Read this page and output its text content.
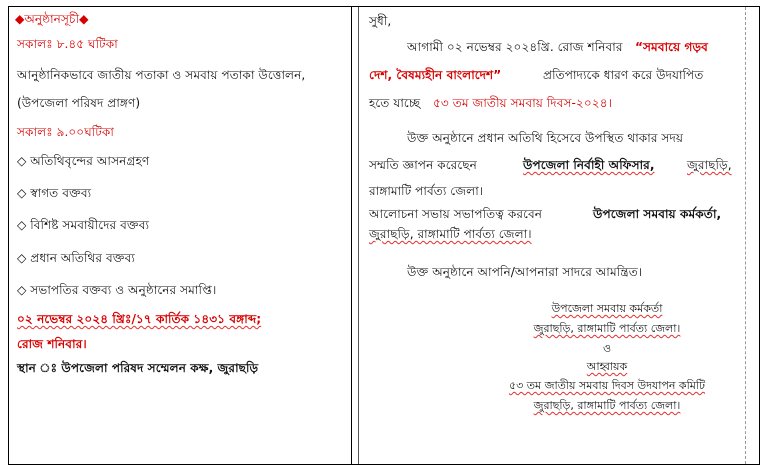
◆অনুষ্ঠানসূচী◆
সকালঃ ৮.৪৫ ঘটিকা
আনুষ্ঠানিকভাবে জাতীয় পতাকা ও সমবায় পতাকা উত্তোলন,
(উপজেলা পরিষদ প্রাঙ্গণ)
সকালঃ ৯.০০ঘটিকা
◇ অতিথিবৃন্দের আসনগ্রহণ
◇ স্বাগত বক্তব্য
◇ বিশিষ্ট সমবায়ীদের বক্তব্য
◇ প্রধান অতিথির বক্তব্য
◇ সভাপতির বক্তব্য ও অনুষ্ঠানের সমাপ্তি।
০২ নভেম্বর ২০২৪ খ্রিঃ/১৭ কার্তিক ১৪৩১ বঙ্গাব্দ;
রোজ শনিবার।
স্থান ঃ উপজেলা পরিষদ সম্মেলন কক্ষ, জুরাছড়ি
সুধী,
আগামী ০২ নভেম্বর ২০২৪খ্রি. রোজ শনিবার “সমবায়ে গড়ব
দেশ, বৈষম্যহীন বাংলাদেশ”	প্রতিপাদ্যকে ধারণ করে উদযাপিত
হতে যাচ্ছে ৫৩ তম জাতীয় সমবায় দিবস-২০২৪।
উক্ত অনুষ্ঠানে প্রধান অতিথি হিসেবে উপস্থিত থাকার সদয়
সম্মতি জ্ঞাপন করেছেন	উপজেলা নির্বাহী অফিসার,	জুরাছড়ি,
রাঙ্গামাটি পার্বত্য জেলা।
আলোচনা সভায় সভাপতিত্ব করবেন	উপজেলা সমবায় কর্মকর্তা,
জুরাছড়ি, রাঙ্গামাটি পার্বত্য জেলা।
উক্ত অনুষ্ঠানে আপনি/আপনারা সাদরে আমন্ত্রিত।
উপজেলা সমবায় কর্মকর্তা
জুরাছড়ি, রাঙ্গামাটি পার্বত্য জেলা।
ও
আহ্বায়ক
৫৩ তম জাতীয় সমবায় দিবস উদযাপন কমিটি
জুরাছড়ি, রাঙ্গামাটি পার্বত্য জেলা।
